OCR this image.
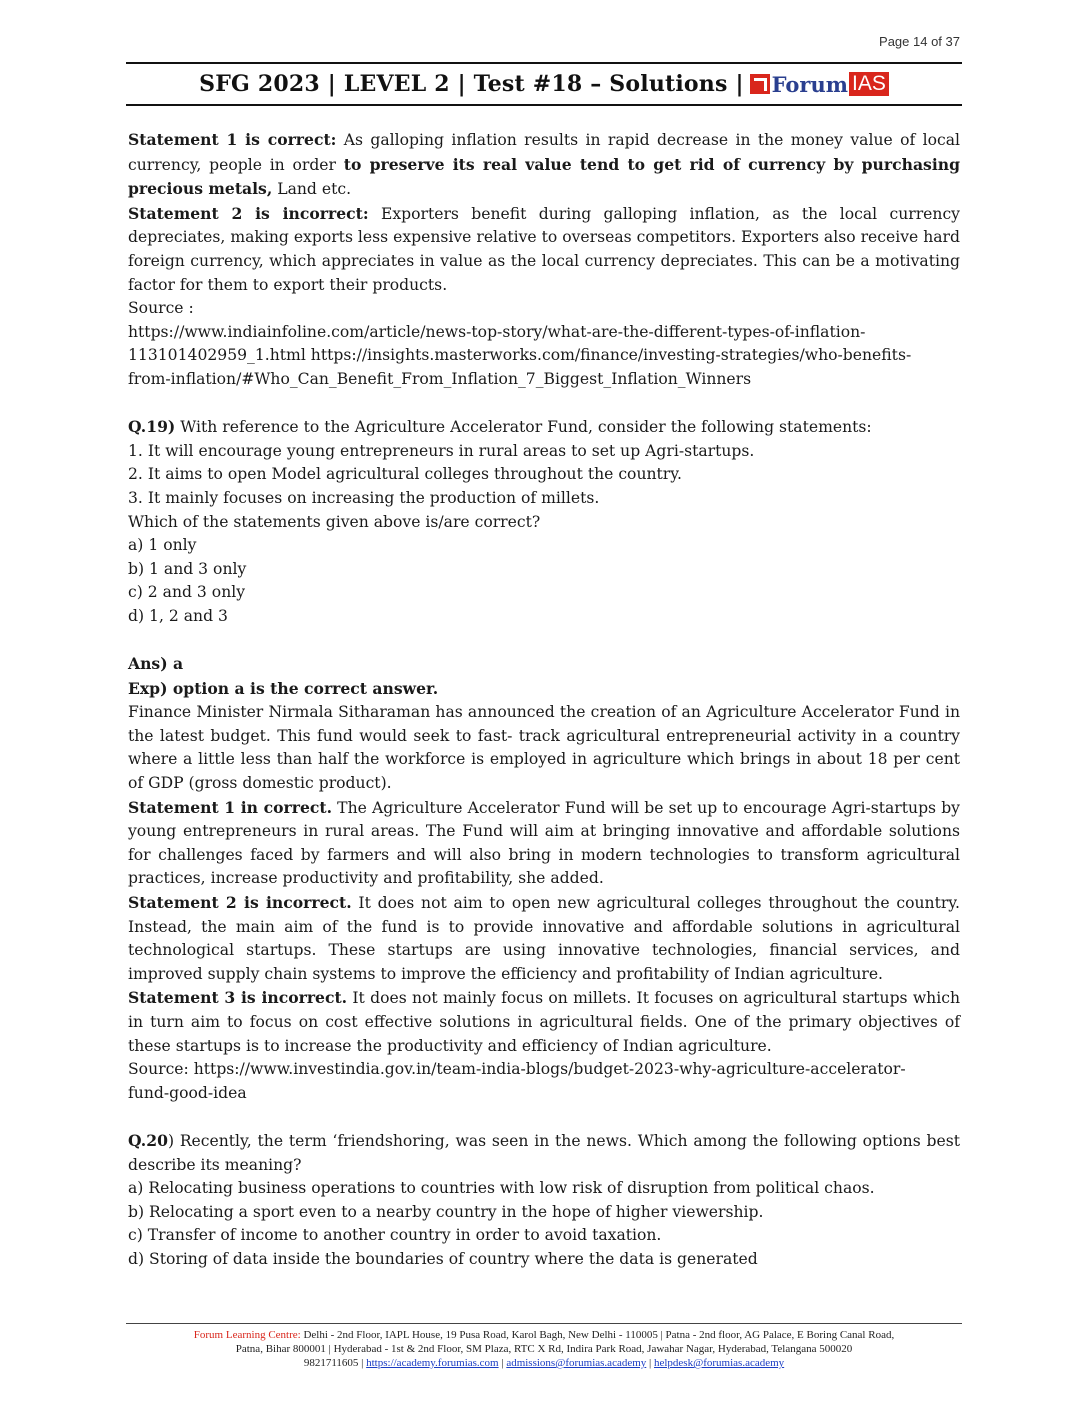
Page 14 of 37
SFG 2023 | LEVEL 2 | Test #18 – Solutions | Forum IAS

Statement 1 is correct: As galloping inflation results in rapid decrease in the money value of local currency, people in order to preserve its real value tend to get rid of currency by purchasing precious metals, Land etc.

Statement 2 is incorrect: Exporters benefit during galloping inflation, as the local currency depreciates, making exports less expensive relative to overseas competitors. Exporters also receive hard foreign currency, which appreciates in value as the local currency depreciates. This can be a motivating factor for them to export their products.

Source :

https://www.indiainfoline.com/article/news-top-story/what-are-the-different-types-of-inflation-

113101402959_1.html https://insights.masterworks.com/finance/investing-strategies/who-benefits-

from-inflation/#Who_Can_Benefit_From_Inflation_7_Biggest_Inflation_Winners

Q.19) With reference to the Agriculture Accelerator Fund, consider the following statements:

1. It will encourage young entrepreneurs in rural areas to set up Agri-startups.

2. It aims to open Model agricultural colleges throughout the country.

3. It mainly focuses on increasing the production of millets.

Which of the statements given above is/are correct?

a) 1 only

b) 1 and 3 only

c) 2 and 3 only

d) 1, 2 and 3

Ans) a

Exp) option a is the correct answer.

Finance Minister Nirmala Sitharaman has announced the creation of an Agriculture Accelerator Fund in the latest budget. This fund would seek to fast- track agricultural entrepreneurial activity in a country where a little less than half the workforce is employed in agriculture which brings in about 18 per cent of GDP (gross domestic product).

Statement 1 in correct. The Agriculture Accelerator Fund will be set up to encourage Agri-startups by young entrepreneurs in rural areas. The Fund will aim at bringing innovative and affordable solutions for challenges faced by farmers and will also bring in modern technologies to transform agricultural practices, increase productivity and profitability, she added.

Statement 2 is incorrect. It does not aim to open new agricultural colleges throughout the country. Instead, the main aim of the fund is to provide innovative and affordable solutions in agricultural technological startups. These startups are using innovative technologies, financial services, and improved supply chain systems to improve the efficiency and profitability of Indian agriculture.

Statement 3 is incorrect. It does not mainly focus on millets. It focuses on agricultural startups which in turn aim to focus on cost effective solutions in agricultural fields. One of the primary objectives of these startups is to increase the productivity and efficiency of Indian agriculture.

Source: https://www.investindia.gov.in/team-india-blogs/budget-2023-why-agriculture-accelerator-

fund-good-idea

Q.20) Recently, the term ‘friendshoring, was seen in the news. Which among the following options best describe its meaning?

a) Relocating business operations to countries with low risk of disruption from political chaos.

b) Relocating a sport even to a nearby country in the hope of higher viewership.

c) Transfer of income to another country in order to avoid taxation.

d) Storing of data inside the boundaries of country where the data is generated

Forum Learning Centre: Delhi - 2nd Floor, IAPL House, 19 Pusa Road, Karol Bagh, New Delhi - 110005 | Patna - 2nd floor, AG Palace, E Boring Canal Road,
Patna, Bihar 800001 | Hyderabad - 1st & 2nd Floor, SM Plaza, RTC X Rd, Indira Park Road, Jawahar Nagar, Hyderabad, Telangana 500020
9821711605 | https://academy.forumias.com | admissions@forumias.academy | helpdesk@forumias.academy
